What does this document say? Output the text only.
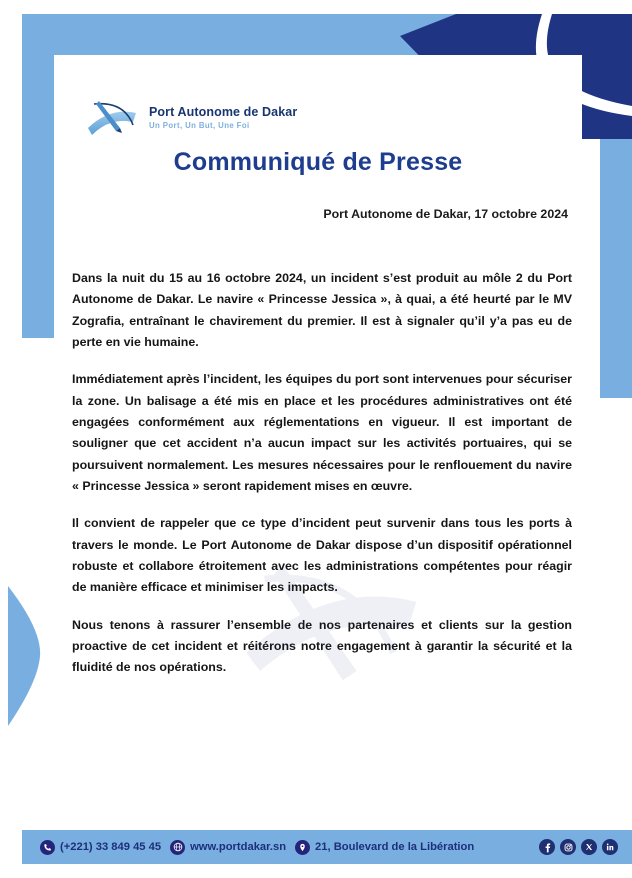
Port Autonome de Dakar
Un Port, Un But, Une Foi
Communiqué de Presse
Port Autonome de Dakar, 17 octobre 2024

Dans la nuit du 15 au 16 octobre 2024, un incident s’est produit au môle 2 du Port Autonome de Dakar. Le navire « Princesse Jessica », à quai, a été heurté par le MV Zografia, entraînant le chavirement du premier. Il est à signaler qu’il y’a pas eu de perte en vie humaine.

Immédiatement après l’incident, les équipes du port sont intervenues pour sécuriser la zone. Un balisage a été mis en place et les procédures administratives ont été engagées conformément aux réglementations en vigueur. Il est important de souligner que cet accident n’a aucun impact sur les activités portuaires, qui se poursuivent normalement. Les mesures nécessaires pour le renflouement du navire « Princesse Jessica » seront rapidement mises en œuvre.

Il convient de rappeler que ce type d’incident peut survenir dans tous les ports à travers le monde. Le Port Autonome de Dakar dispose d’un dispositif opérationnel robuste et collabore étroitement avec les administrations compétentes pour réagir de manière efficace et minimiser les impacts.

Nous tenons à rassurer l’ensemble de nos partenaires et clients sur la gestion proactive de cet incident et réitérons notre engagement à garantir la sécurité et la fluidité de nos opérations.

(+221) 33 849 45 45	www.portdakar.sn	21, Boulevard de la Libération
